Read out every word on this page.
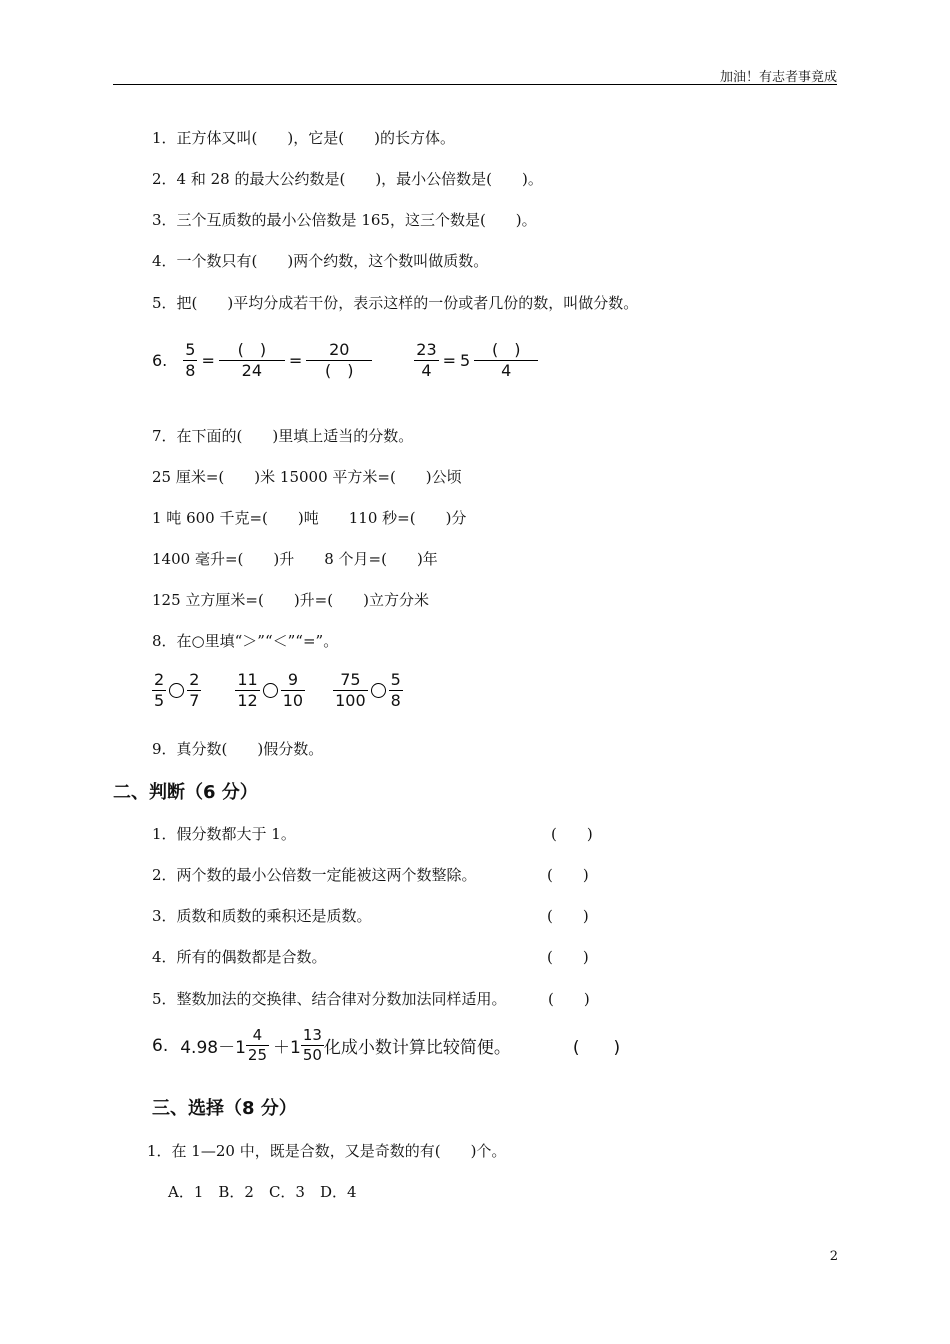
加油！有志者事竟成
1．正方体又叫(　　)，它是(　　)的长方体。
2．4 和 28 的最大公约数是(　　)，最小公倍数是(　　)。
3．三个互质数的最小公倍数是 165，这三个数是(　　)。
4．一个数只有(　　)两个约数，这个数叫做质数。
5．把(　　)平均分成若干份，表示这样的一份或者几份的数，叫做分数。
6. $\frac{5}{8} = \frac{( )}{24} = \frac{20}{( )}$	$\frac{23}{4} = 5 \frac{( )}{4}$
7．在下面的(　　)里填上适当的分数。
25 厘米=(　　)米 15000 平方米=(　　)公顷
1 吨 600 千克=(　　)吨　　110 秒=(　　)分
1400 毫升=(　　)升　　8 个月=(　　)年
125 立方厘米=(　　)升=(　　)立方分米
8．在○里填“＞”“＜”“=”。
$\frac{2}{5} \frac{2}{7} \frac{11}{12} \frac{9}{10} \frac{75}{100} \frac{5}{8}$
9．真分数(　　)假分数。
二、判断（6 分）
1．假分数都大于 1。	(　　)
2．两个数的最小公倍数一定能被这两个数整除。	(　　)
3．质数和质数的乘积还是质数。	(　　)
4．所有的偶数都是合数。	(　　)
5．整数加法的交换律、结合律对分数加法同样适用。	(　　)
6. $4.98-1 \frac{4}{25} +1 \frac{13}{50}$ 化成小数计算比较简便。	(　　)
三、选择（8 分）
1．在 1—20 中，既是合数，又是奇数的有(　　)个。
A．1　B．2　C．3　D．4
2
